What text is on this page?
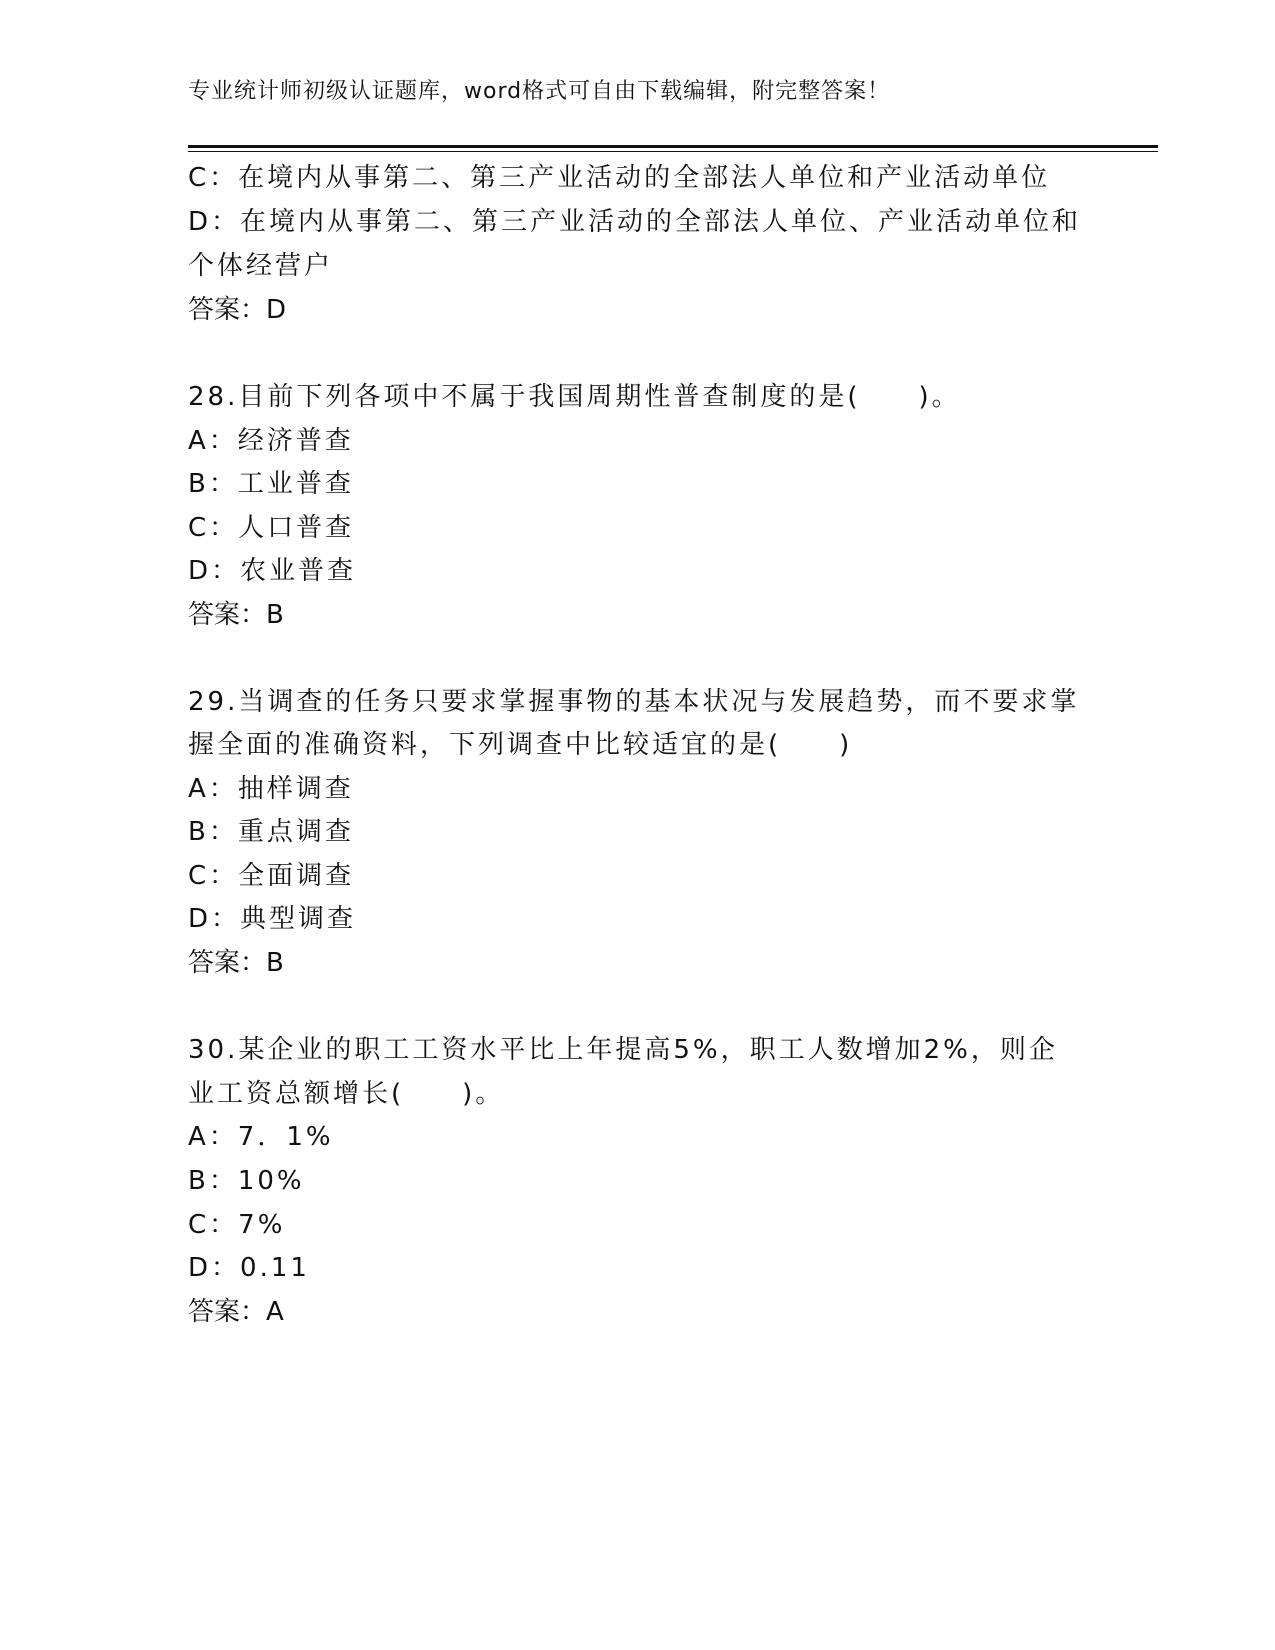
专业统计师初级认证题库，word格式可自由下载编辑，附完整答案！
C：在境内从事第二、第三产业活动的全部法人单位和产业活动单位
D：在境内从事第二、第三产业活动的全部法人单位、产业活动单位和
个体经营户
答案：D
28.目前下列各项中不属于我国周期性普查制度的是(　　)。
A：经济普查
B：工业普查
C：人口普查
D：农业普查
答案：B
29.当调查的任务只要求掌握事物的基本状况与发展趋势，而不要求掌
握全面的准确资料，下列调查中比较适宜的是(　　)
A：抽样调查
B：重点调查
C：全面调查
D：典型调查
答案：B
30.某企业的职工工资水平比上年提高5%，职工人数增加2%，则企
业工资总额增长(　　)。
A：7．1%
B：10%
C：7%
D：0.11
答案：A
